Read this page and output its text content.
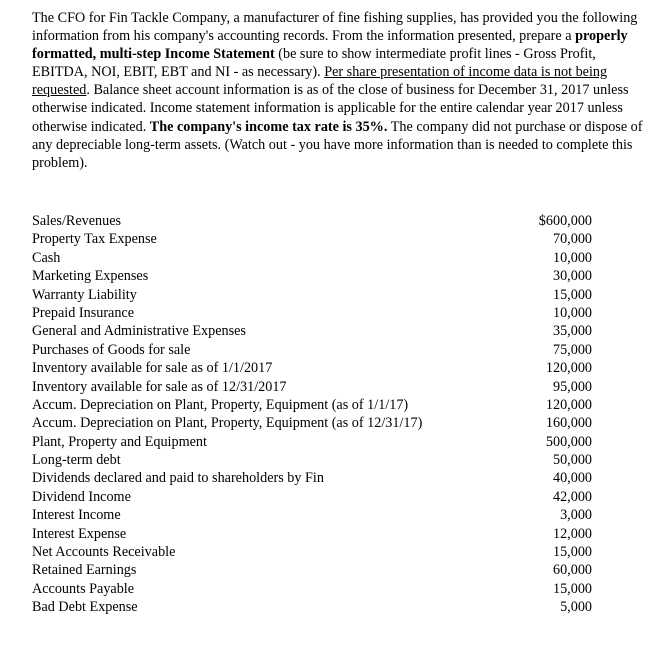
The CFO for Fin Tackle Company, a manufacturer of fine fishing supplies, has provided you the following information from his company's accounting records. From the information presented, prepare a properly formatted, multi-step Income Statement (be sure to show intermediate profit lines - Gross Profit, EBITDA, NOI, EBIT, EBT and NI - as necessary). Per share presentation of income data is not being requested. Balance sheet account information is as of the close of business for December 31, 2017 unless otherwise indicated. Income statement information is applicable for the entire calendar year 2017 unless otherwise indicated. The company's income tax rate is 35%. The company did not purchase or dispose of any depreciable long-term assets. (Watch out - you have more information than is needed to complete this problem).

Sales/Revenues	$600,000
Property Tax Expense	70,000
Cash	10,000
Marketing Expenses	30,000
Warranty Liability	15,000
Prepaid Insurance	10,000
General and Administrative Expenses	35,000
Purchases of Goods for sale	75,000
Inventory available for sale as of 1/1/2017	120,000
Inventory available for sale as of 12/31/2017	95,000
Accum. Depreciation on Plant, Property, Equipment (as of 1/1/17)	120,000
Accum. Depreciation on Plant, Property, Equipment (as of 12/31/17)	160,000
Plant, Property and Equipment	500,000
Long-term debt	50,000
Dividends declared and paid to shareholders by Fin	40,000
Dividend Income	42,000
Interest Income	3,000
Interest Expense	12,000
Net Accounts Receivable	15,000
Retained Earnings	60,000
Accounts Payable	15,000
Bad Debt Expense	5,000
